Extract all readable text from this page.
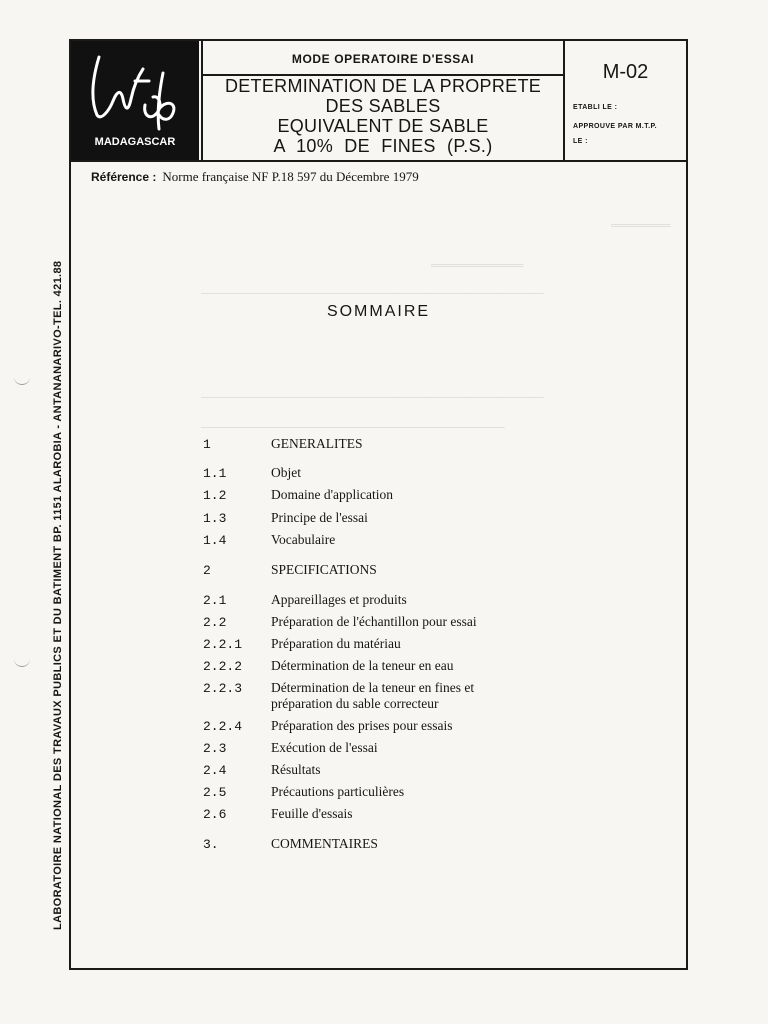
LABORATOIRE NATIONAL DES TRAVAUX PUBLICS ET DU BATIMENT BP. 1151 ALAROBIA - ANTANANARIVO-TEL. 421.88
MADAGASCAR
MODE OPERATOIRE D'ESSAI
DETERMINATION DE LA PROPRETE
DES SABLES
EQUIVALENT DE SABLE
A 10% DE FINES (P.S.)
M-02
ETABLI LE :
APPROUVE PAR M.T.P.
LE :
Référence : Norme française NF P.18 597 du Décembre 1979
SOMMAIRE
═════════
══════════════
────────────────────────────────────────────────────
────────────────────────────────────────────────────
──────────────────────────────────────────────
1	GENERALITES
1.1	Objet
1.2	Domaine d'application
1.3	Principe de l'essai
1.4	Vocabulaire
2	SPECIFICATIONS
2.1	Appareillages et produits
2.2	Préparation de l'échantillon pour essai
2.2.1 Préparation du matériau
2.2.2 Détermination de la teneur en eau
2.2.3 Détermination de la teneur en fines et
préparation du sable correcteur
2.2.4 Préparation des prises pour essais
2.3	Exécution de l'essai
2.4	Résultats
2.5	Précautions particulières
2.6	Feuille d'essais
3.	COMMENTAIRES
